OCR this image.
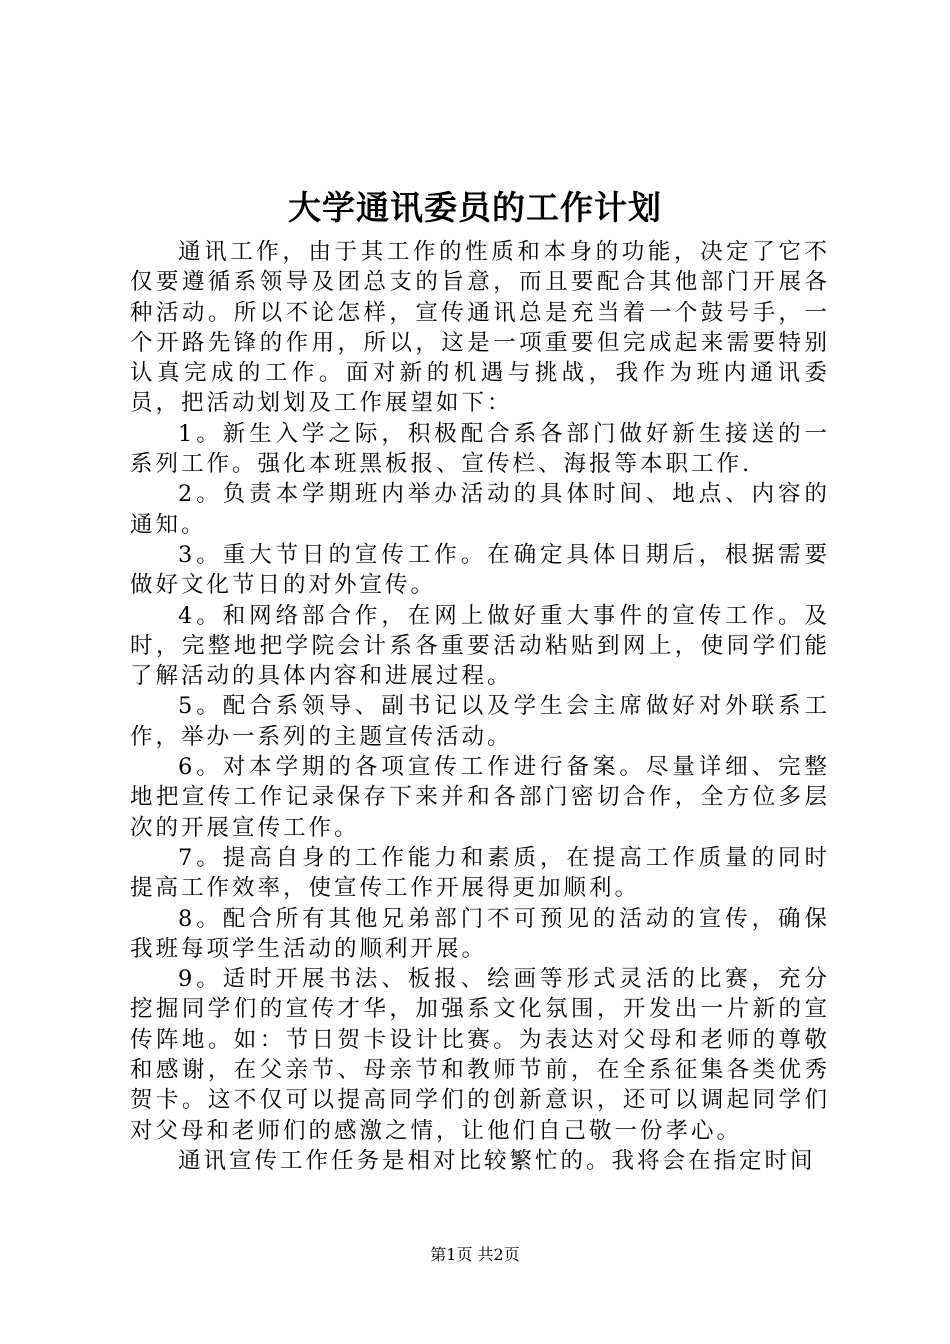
大学通讯委员的工作计划

通讯工作，由于其工作的性质和本身的功能，决定了它不仅要遵循系领导及团总支的旨意，而且要配合其他部门开展各种活动。所以不论怎样，宣传通讯总是充当着一个鼓号手，一个开路先锋的作用，所以，这是一项重要但完成起来需要特别认真完成的工作。面对新的机遇与挑战，我作为班内通讯委员，把活动划划及工作展望如下：

1。新生入学之际，积极配合系各部门做好新生接送的一系列工作。强化本班黑板报、宣传栏、海报等本职工作.

2。负责本学期班内举办活动的具体时间、地点、内容的通知。

3。重大节日的宣传工作。在确定具体日期后，根据需要做好文化节日的对外宣传。

4。和网络部合作，在网上做好重大事件的宣传工作。及时，完整地把学院会计系各重要活动粘贴到网上，使同学们能了解活动的具体内容和进展过程。

5。配合系领导、副书记以及学生会主席做好对外联系工作，举办一系列的主题宣传活动。

6。对本学期的各项宣传工作进行备案。尽量详细、完整地把宣传工作记录保存下来并和各部门密切合作，全方位多层次的开展宣传工作。

7。提高自身的工作能力和素质，在提高工作质量的同时提高工作效率，使宣传工作开展得更加顺利。

8。配合所有其他兄弟部门不可预见的活动的宣传，确保我班每项学生活动的顺利开展。

9。适时开展书法、板报、绘画等形式灵活的比赛，充分挖掘同学们的宣传才华，加强系文化氛围，开发出一片新的宣传阵地。如：节日贺卡设计比赛。为表达对父母和老师的尊敬和感谢，在父亲节、母亲节和教师节前，在全系征集各类优秀贺卡。这不仅可以提高同学们的创新意识，还可以调起同学们对父母和老师们的感激之情，让他们自己敬一份孝心。

通讯宣传工作任务是相对比较繁忙的。我将会在指定时间

第1页 共2页
